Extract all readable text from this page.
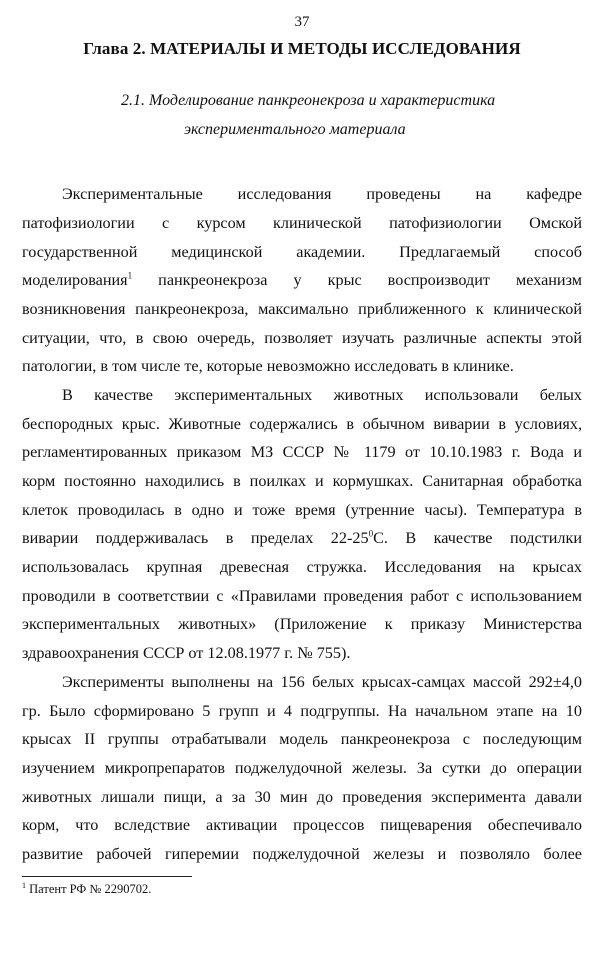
37
Глава 2. МАТЕРИАЛЫ И МЕТОДЫ ИССЛЕДОВАНИЯ
2.1. Моделирование панкреонекроза и характеристика
экспериментального материала
Экспериментальные исследования проведены на кафедре
патофизиологии с курсом клинической патофизиологии Омской
государственной медицинской академии. Предлагаемый способ
моделирования$^1$ панкреонекроза у крыс воспроизводит механизм
возникновения панкреонекроза, максимально приближенного к клинической
ситуации, что, в свою очередь, позволяет изучать различные аспекты этой
патологии, в том числе те, которые невозможно исследовать в клинике.
В качестве экспериментальных животных использовали белых
беспородных крыс. Животные содержались в обычном виварии в условиях,
регламентированных приказом МЗ СССР № 1179 от 10.10.1983 г. Вода и
корм постоянно находились в поилках и кормушках. Санитарная обработка
клеток проводилась в одно и тоже время (утренние часы). Температура в
виварии поддерживалась в пределах $22-25^0С$. В качестве подстилки
использовалась крупная древесная стружка. Исследования на крысах
проводили в соответствии с «Правилами проведения работ с использованием
экспериментальных животных» (Приложение к приказу Министерства
здравоохранения СССР от 12.08.1977 г. № 755).
Эксперименты выполнены на 156 белых крысах-самцах массой 292±4,0
гр. Было сформировано 5 групп и 4 подгруппы. На начальном этапе на 10
крысах II группы отрабатывали модель панкреонекроза с последующим
изучением микропрепаратов поджелудочной железы. За сутки до операции
животных лишали пищи, а за 30 мин до проведения эксперимента давали
корм, что вследствие активации процессов пищеварения обеспечивало
развитие рабочей гиперемии поджелудочной железы и позволяло более
$^1$ Патент РФ № 2290702.
